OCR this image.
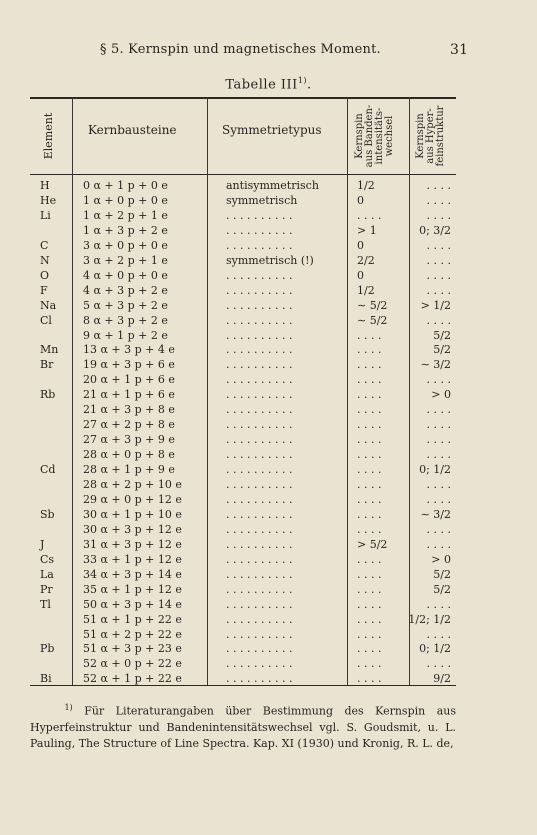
§ 5. Kernspin und magnetisches Moment.	31
Tabelle III$^{1)}$.
Element	Kernbausteine	Symmetrietypus	Kernspin aus Banden- intensitäts- wechsel Kernspin aus Hyper- feinstruktur
H	0 α + 1 p + 0 e	antisymmetrisch	1/2	. . . .
He	1 α + 0 p + 0 e	symmetrisch	0	. . . .
Li	1 α + 2 p + 1 e	. . . . . . . . . .	. . . .	. . . .
1 α + 3 p + 2 e	. . . . . . . . . .	> 1	0; 3/2
C	3 α + 0 p + 0 e	. . . . . . . . . .	0	. . . .
N	3 α + 2 p + 1 e	symmetrisch (!)	2/2	. . . .
O	4 α + 0 p + 0 e	. . . . . . . . . .	0	. . . .
F	4 α + 3 p + 2 e	. . . . . . . . . .	1/2	. . . .
Na	5 α + 3 p + 2 e	. . . . . . . . . .	∼ 5/2	> 1/2
Cl	8 α + 3 p + 2 e	. . . . . . . . . .	∼ 5/2	. . . .
9 α + 1 p + 2 e	. . . . . . . . . .	. . . .	5/2
Mn	13 α + 3 p + 4 e	. . . . . . . . . .	. . . .	5/2
Br	19 α + 3 p + 6 e	. . . . . . . . . .	. . . .	∼ 3/2
20 α + 1 p + 6 e	. . . . . . . . . .	. . . .	. . . .
Rb	21 α + 1 p + 6 e	. . . . . . . . . .	. . . .	> 0
21 α + 3 p + 8 e	. . . . . . . . . .	. . . .	. . . .
27 α + 2 p + 8 e	. . . . . . . . . .	. . . .	. . . .
27 α + 3 p + 9 e	. . . . . . . . . .	. . . .	. . . .
28 α + 0 p + 8 e	. . . . . . . . . .	. . . .	. . . .
Cd	28 α + 1 p + 9 e	. . . . . . . . . .	. . . .	0; 1/2
28 α + 2 p + 10 e	. . . . . . . . . .	. . . .	. . . .
29 α + 0 p + 12 e	. . . . . . . . . .	. . . .	. . . .
Sb	30 α + 1 p + 10 e	. . . . . . . . . .	. . . .	∼ 3/2
30 α + 3 p + 12 e	. . . . . . . . . .	. . . .	. . . .
J	31 α + 3 p + 12 e	. . . . . . . . . .	> 5/2	. . . .
Cs	33 α + 1 p + 12 e	. . . . . . . . . .	. . . .	> 0
La	34 α + 3 p + 14 e	. . . . . . . . . .	. . . .	5/2
Pr	35 α + 1 p + 12 e	. . . . . . . . . .	. . . .	5/2
Tl	50 α + 3 p + 14 e	. . . . . . . . . .	. . . .	. . . .
51 α + 1 p + 22 e	. . . . . . . . . .	. . . .	1/2; 1/2
51 α + 2 p + 22 e	. . . . . . . . . .	. . . .	. . . .
Pb	51 α + 3 p + 23 e	. . . . . . . . . .	. . . .	0; 1/2
52 α + 0 p + 22 e	. . . . . . . . . .	. . . .	. . . .
Bi	52 α + 1 p + 22 e	. . . . . . . . . .	. . . .	9/2
$^{1)}$ Für Literaturangaben über Bestimmung des Kernspin aus Hyperfeinstruktur und Bandenintensitätswechsel vgl. S. Goudsmit, u. L. Pauling, The Structure of Line Spectra. Kap. XI (1930) und Kronig, R. L. de,
